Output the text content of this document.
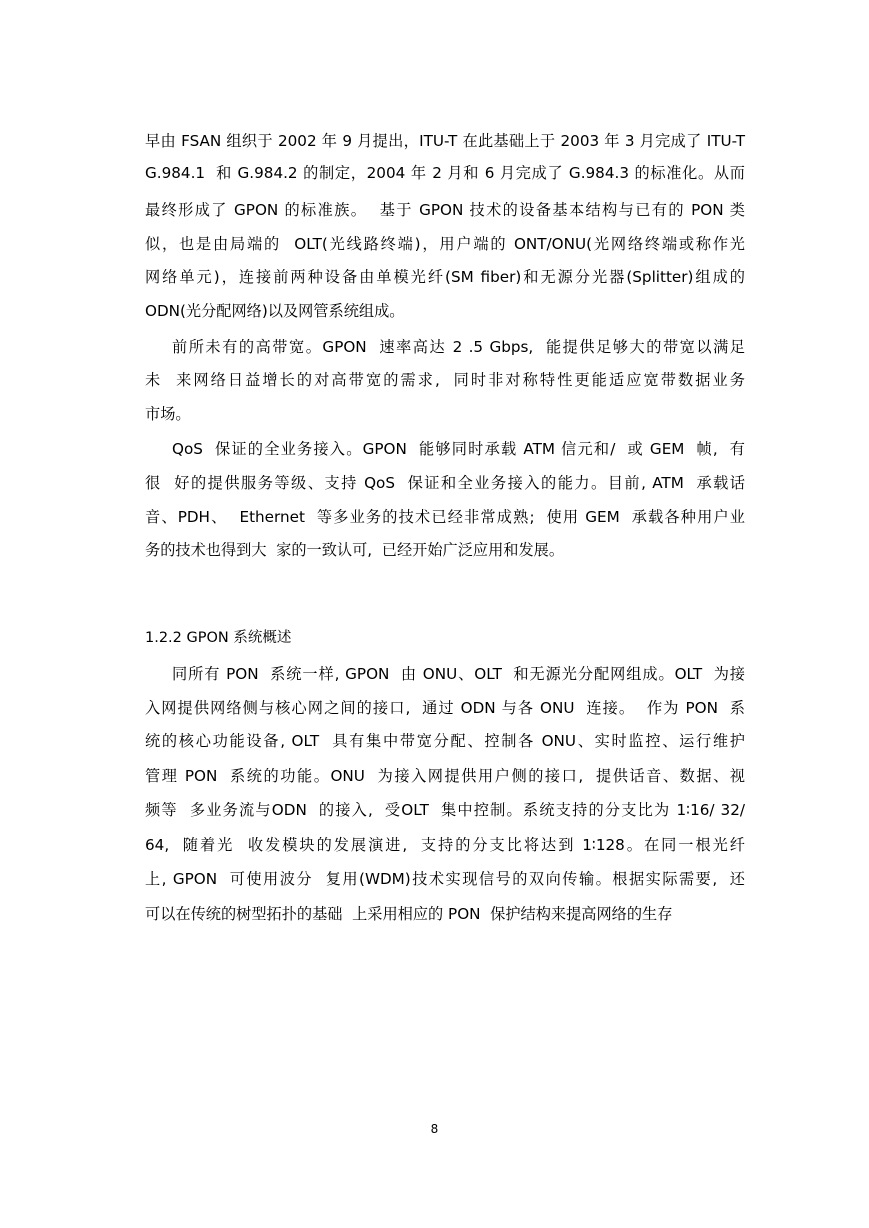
早由 FSAN 组织于 2002 年 9 月提出，ITU-T 在此基础上于 2003 年 3 月完成了 ITU-T
G.984.1  和 G.984.2 的制定，2004 年 2 月和 6 月完成了 G.984.3 的标准化。从而
最终形成了 GPON 的标准族。  基于 GPON 技术的设备基本结构与已有的 PON 类
似，也是由局端的  OLT(光线路终端)，用户端的 ONT/ONU(光网络终端或称作光
网络单元)，连接前两种设备由单模光纤(SM fiber)和无源分光器(Splitter)组成的
ODN(光分配网络)以及网管系统组成。
前所未有的高带宽。GPON  速率高达 2 .5 Gbps,  能提供足够大的带宽以满足
未  来网络日益增长的对高带宽的需求,  同时非对称特性更能适应宽带数据业务
市场。
QoS  保证的全业务接入。GPON  能够同时承载 ATM 信元和/  或 GEM  帧,  有
很  好的提供服务等级、支持 QoS  保证和全业务接入的能力。目前, ATM  承载话
音、PDH、  Ethernet  等多业务的技术已经非常成熟;  使用 GEM  承载各种用户业
务的技术也得到大  家的一致认可,  已经开始广泛应用和发展。
1.2.2 GPON 系统概述
同所有 PON  系统一样, GPON  由 ONU、OLT  和无源光分配网组成。OLT  为接
入网提供网络侧与核心网之间的接口,  通过 ODN 与各 ONU  连接。  作为 PON  系
统的核心功能设备, OLT  具有集中带宽分配、控制各 ONU、实时监控、运行维护
管理 PON  系统的功能。ONU  为接入网提供用户侧的接口,  提供话音、数据、视
频等  多业务流与ODN  的接入,  受OLT  集中控制。系统支持的分支比为 1∶16/ 32/
64,  随着光  收发模块的发展演进,  支持的分支比将达到 1∶128。在同一根光纤
上, GPON  可使用波分  复用(WDM)技术实现信号的双向传输。根据实际需要,  还
可以在传统的树型拓扑的基础  上采用相应的 PON  保护结构来提高网络的生存
8
